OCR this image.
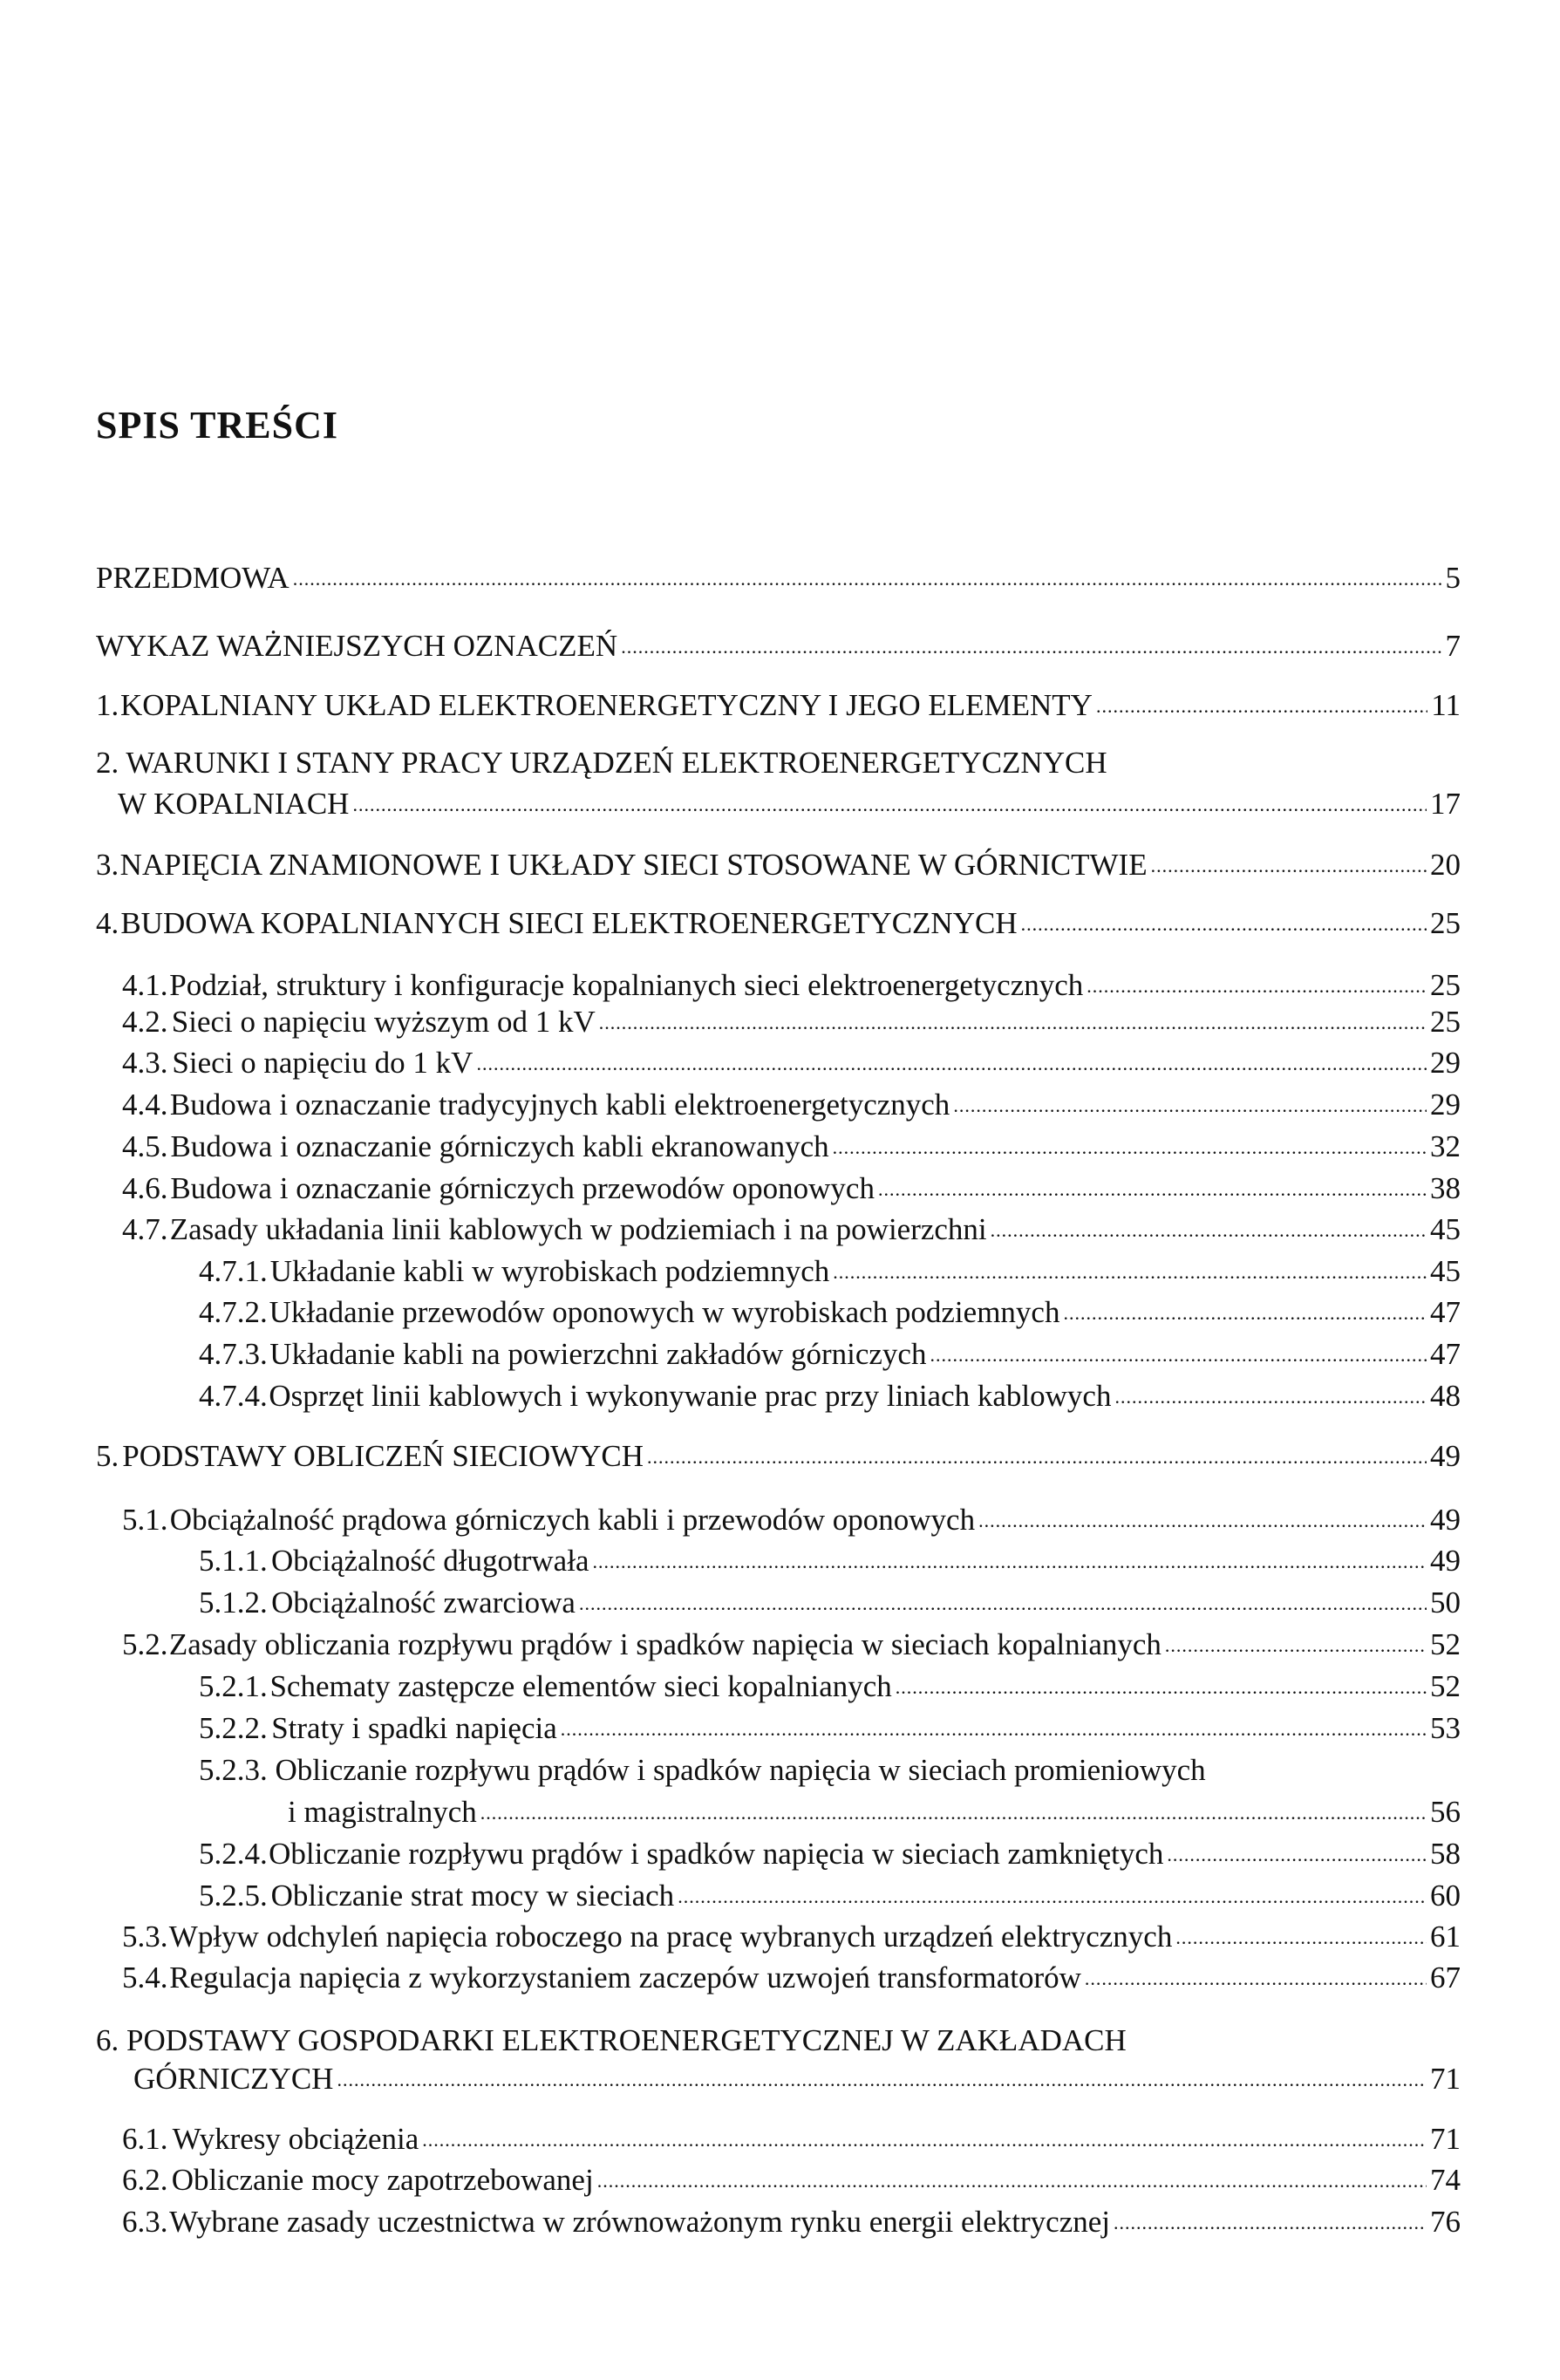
SPIS TREŚCI
PRZEDMOWA .....	5
WYKAZ WAŻNIEJSZYCH OZNACZEŃ .....	7
1. KOPALNIANY UKŁAD ELEKTROENERGETYCZNY I JEGO ELEMENTY .....	11
2. WARUNKI I STANY PRACY URZĄDZEŃ ELEKTROENERGETYCZNYCH
W KOPALNIACH .....	17
3. NAPIĘCIA ZNAMIONOWE I UKŁADY SIECI STOSOWANE W GÓRNICTWIE .....	20
4. BUDOWA KOPALNIANYCH SIECI ELEKTROENERGETYCZNYCH .....	25
4.1. Podział, struktury i konfiguracje kopalnianych sieci elektroenergetycznych .....	25
4.2. Sieci o napięciu wyższym od 1 kV .....	25
4.3. Sieci o napięciu do 1 kV .....	29
4.4. Budowa i oznaczanie tradycyjnych kabli elektroenergetycznych .....	29
4.5. Budowa i oznaczanie górniczych kabli ekranowanych .....	32
4.6. Budowa i oznaczanie górniczych przewodów oponowych .....	38
4.7. Zasady układania linii kablowych w podziemiach i na powierzchni .....	45
4.7.1. Układanie kabli w wyrobiskach podziemnych .....	45
4.7.2. Układanie przewodów oponowych w wyrobiskach podziemnych .....	47
4.7.3. Układanie kabli na powierzchni zakładów górniczych .....	47
4.7.4. Osprzęt linii kablowych i wykonywanie prac przy liniach kablowych .....	48
5. PODSTAWY OBLICZEŃ SIECIOWYCH .....	49
5.1. Obciążalność prądowa górniczych kabli i przewodów oponowych .....	49
5.1.1. Obciążalność długotrwała .....	49
5.1.2. Obciążalność zwarciowa .....	50
5.2. Zasady obliczania rozpływu prądów i spadków napięcia w sieciach kopalnianych .....	52
5.2.1. Schematy zastępcze elementów sieci kopalnianych .....	52
5.2.2. Straty i spadki napięcia .....	53
5.2.3. Obliczanie rozpływu prądów i spadków napięcia w sieciach promieniowych
i magistralnych .....	56
5.2.4. Obliczanie rozpływu prądów i spadków napięcia w sieciach zamkniętych .....	58
5.2.5. Obliczanie strat mocy w sieciach .....	60
5.3. Wpływ odchyleń napięcia roboczego na pracę wybranych urządzeń elektrycznych .....	61
5.4. Regulacja napięcia z wykorzystaniem zaczepów uzwojeń transformatorów .....	67
6. PODSTAWY GOSPODARKI ELEKTROENERGETYCZNEJ W ZAKŁADACH
GÓRNICZYCH .....	71
6.1. Wykresy obciążenia .....	71
6.2. Obliczanie mocy zapotrzebowanej .....	74
6.3. Wybrane zasady uczestnictwa w zrównoważonym rynku energii elektrycznej .....	76
